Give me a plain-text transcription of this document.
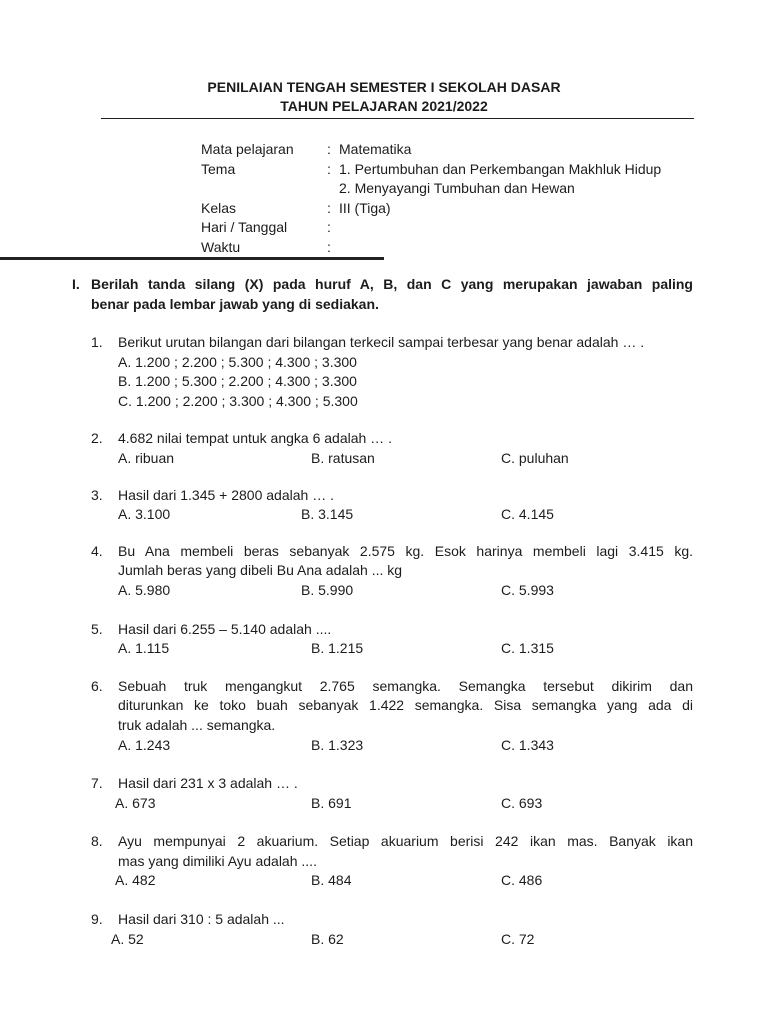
PENILAIAN TENGAH SEMESTER I SEKOLAH DASAR
TAHUN PELAJARAN 2021/2022
Mata pelajaran : Matematika
Tema	: 1. Pertumbuhan dan Perkembangan Makhluk Hidup
2. Menyayangi Tumbuhan dan Hewan
Kelas	: III (Tiga)
Hari / Tanggal	:
Waktu	:
I. Berilah tanda silang (X) pada huruf A, B, dan C yang merupakan jawaban paling
benar pada lembar jawab yang di sediakan.
1. Berikut urutan bilangan dari bilangan terkecil sampai terbesar yang benar adalah … .
A. 1.200 ; 2.200 ; 5.300 ; 4.300 ; 3.300
B. 1.200 ; 5.300 ; 2.200 ; 4.300 ; 3.300
C. 1.200 ; 2.200 ; 3.300 ; 4.300 ; 5.300
2. 4.682 nilai tempat untuk angka 6 adalah … .
A. ribuan	B. ratusan	C. puluhan
3. Hasil dari 1.345 + 2800 adalah … .
A. 3.100	B. 3.145	C. 4.145
4. Bu Ana membeli beras sebanyak 2.575 kg. Esok harinya membeli lagi 3.415 kg.
Jumlah beras yang dibeli Bu Ana adalah ... kg
A. 5.980	B. 5.990	C. 5.993
5. Hasil dari 6.255 – 5.140 adalah ....
A. 1.115	B. 1.215	C. 1.315
6. Sebuah truk mengangkut 2.765 semangka. Semangka tersebut dikirim dan
diturunkan ke toko buah sebanyak 1.422 semangka. Sisa semangka yang ada di
truk adalah ... semangka.
A. 1.243	B. 1.323	C. 1.343
7. Hasil dari 231 x 3 adalah … .
A. 673	B. 691	C. 693
8. Ayu mempunyai 2 akuarium. Setiap akuarium berisi 242 ikan mas. Banyak ikan
mas yang dimiliki Ayu adalah ....
A. 482	B. 484	C. 486
9. Hasil dari 310 : 5 adalah ...
A. 52	B. 62	C. 72
